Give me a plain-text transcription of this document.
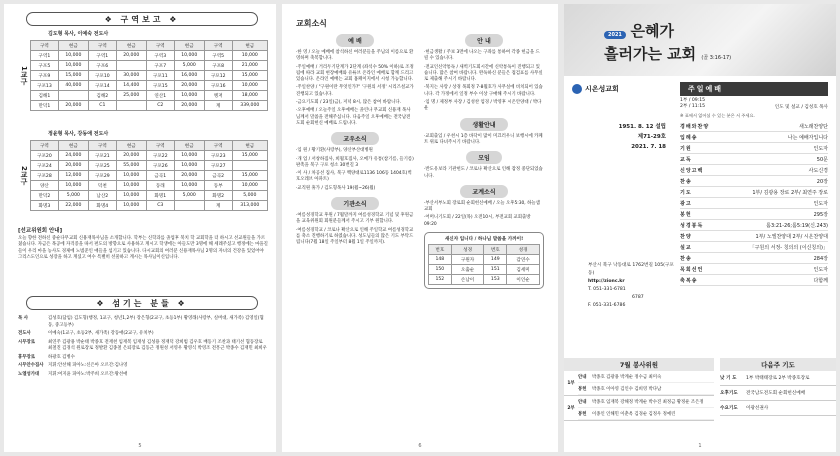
❖ 구역보고 ❖
김도형 목사, 이예숙 전도사
1교구
구역	현금	구역	현금	구역	현금	구역	현금
구역1	10,000	구역1	20,000	구역3	10,000	구역5	10,000
구포5	10,000	구포6		구포7	5,000	구포8	21,000
구포9	15,000	구포10	30,000	구포11	16,000	구포12	15,000
구포13	40,000	구포14	14,400	구포15	20,000	구포16	10,000
김해1		김해2	25,000	연산1	10,000	엥저	18,000
만덕1	20,000	C1		C2	20,000	계	339,000
정윤형 목사, 강동애 전도사
2교구
구역	현금	구역	현금	구역	현금	구역	현금
구포20	24,000	구포21	20,000	구포22	10,000	구포23	15,000
구포24	20,000	구포25	55,000	구포26	10,000	구포27	
구포28	12,000	구포29	10,000	금곡1	20,000	금곡2	15,000
양산	10,000	덕천	10,000	동래	10,000	동부	10,000
만덕2	5,000	남산2	10,000	화명1	5,000	화명2	5,000
화명3	22,000	화명4	10,000	C3		계	313,000
[선교위원회 안내]
오늘 향한 전하신 중순다무교회 신용재목사님을 소개합니다. 학부는 신학과를 졸업후 북치 학 교회학을 더 하시고 선교원들을 가르쳤습니다. 자금은 목공에 자격증을 따서 펀도의 방향으로 사용하고 계시고 학생에는 아들도만 3명에 해 세례주셨고 행정에는 마을길들이 우리 마을 농사도 경제에 노범준인 애들을 섬기고 있습니다. 다시교회의 여러분 신용재목사님 2명의 자녀의 건강을 있었어야 그리스도인으로 성장을 하고 계셨고 여수 특별히 선물하고 계시는 목사님이신입니다.
❖ 섬기는 분들 ❖
목 사	김성호(담임) 김도형(행정, 1교구, 청년1,2부) 장은형(2교구, 초등1부) 황영래(사랑부, 실버대, 새가족) 김영일(협동, 중고등부)
전도사	이예숙(1교구, 초등2부, 새가족) 강동애(2교구, 유치부)
시무장로	최연주 김광용 박순태 박종호 전재천 임재복 임재성 김성용 정재덕 강희범 김우호 배동기 조찬과 태기선 협동장로 최철진 김경석 원로장로 정발환 김종철 은퇴장로 김동근 정원성 서영우 황영식 박영조 전흥근 박종수 김재민 최희우
휴무장로	하광호 김병수
시무안수집사	지휘:안선해 피아노:신은아 오르간:김나영
노엘성가대	지휘:여지윤 피아노:박주희 오르간:왕선애
5
교회소식
예 배
·한 영 / 오늘 예배에 참석하신 여러분들을 주님의 이름으로 환영하며 축복합니다.
·주일예배 / 거리두기단계가 2단계 (좌석수 50% 이하)로 조정됨에 따라 교회 현장예배와 유튜브 온라인 예배로 함께 드리고 있습니다. 온라인 예배는 교회 홈페이지에서 시청 가능합니다.
·주일찬양 / "구원이란 무엇인가?" '구원의 서정' 시리즈설교가 진행되고 있습니다.
·금요기도회 / 23일(금), 저녁 8시, 많은 참여 바랍니다.
·오후예배 / 오늘주일 오후예배는 졸린나 무교회 신용재 목사님께서 말씀을 전해주십니다. 다음주일 오후예배는 전국남전도회 순회헌신 예배로 드립니다.
교우소식
·입 원 / 황기환(사랑부), 양산부산대병원
·개 업 / 서창하집사, 희월호집사, 오메가 유통(참기름, 들기름)판촉을 북구 구포 청소 30번길 3
·이 사 / 차공선 집사, 북구 백양대로1136 106동 1404호(벽호오레브 아파트)
·교직원 휴가 / 김도형목사 19(월~26(월)
기관소식
·여름성경학교 후원 / 7월말까지 여름성경학교 기념 및 후원금을 교육위원회 회원분들께서 주시고 기부 원합니다.
·여름성경학교 / 코로나 확산으로 인해 주일학교 여름성경학교를 축소 진행하기로 하였습니다. 성도님들의 많은 기도 부탁드립니다(7월 18일 주일부터 8월 1일 주일까지).
안 내
·헌금생활 / 주보 3면에 나오는 구좌를 통하여 각종 헌금을 드릴 수 있습니다.
·전교인신약통독 / 새벽기도회시간에 신약통독이 진행되고 있습니다. 많은 참여 바랍니다. 완독하신 분들은 접검표를 사무실로 제출해 주시기 바랍니다.
·북지는 사랑 / 상경 목회정 7-8월호가 사무실에 비치되어 있습니다. 각 가정에서 일정 부수 이상 구매해 주시기 바랍니다.
·임 명 / 제정부 사장 / 김성찬 엄경 / 박영후 시온안양대 / 박다운
생활안내
·교회출입 / 우천시 1층 바닥이 많이 미끄러우니 보행시에 카페트 위로 다녀주시기 바랍니다.
모임
·반도유보라 기관헌도 / 코로나 확산으로 인해 잠정 중단되었습니다.
교계소식
·부산서부노회 장로회 순회헌신예배 / 오늘 오후5:30, 하늘샘교회
·어머니기도회 / 22일(목) 오전10시, 부전교회 교회출방 09:20
새신자 입니다 / 하나님 말씀을 가까이!
번호	성경	번호	성경
148	구원자	149	감연수
150	오출순	151	김세미
152	손남이	153	이인순
6
2021 은혜가
흘러가는 교회 (골 3:16-17)
시온성교회	주일예배
1부 / 09:15
2부 / 11:15	인도 및 설교 / 김성호 목사
※ 표에서 없어셨 수 있는 분은 서 주세요.
경배와찬양	새노래찬양단
입례송	나는 예배자입니다
기원	인도자
교독	50문
신앙고백	사도신경
찬송	20장
기도	1부/ 김광용 장로 2부/ 최연주 장로
광고	인도자
봉헌	295장
성경봉독	롬3:21-26;롬5:19(신.243)
찬양	1부/ 노엘찬양대 2부/ 시온찬양대
설교	「구원의 서정- 칭의의 (이신칭의)」
찬송	284장
목회선언	인도자
축복송	다함께
1951. 8. 12 설립
제71-29호
2021. 7. 18
부산시 북구 낙동대로 1762번길 105(구포동)
http://zionc.kr
T. 051-331-6781
6787
F. 051-331-6786
1
7월 봉사위원
1부
안내	박종호 김광용 박계순 정수금 최미숙
봉헌	박종호 이아영 김인수 김희영 박다남
2부
안내	박종호 임재복 강해정 박계순 박수진 최정금 황정운 조은정
봉헌	이종인 인해민 이춘옥 김경순 김정우 정예린
다음주 기도
낮 기 도	1부 박태태장로 2부 박종호장로
오후기도	전국남도전도회 순회헌신예배
수요기도	이광선권사
